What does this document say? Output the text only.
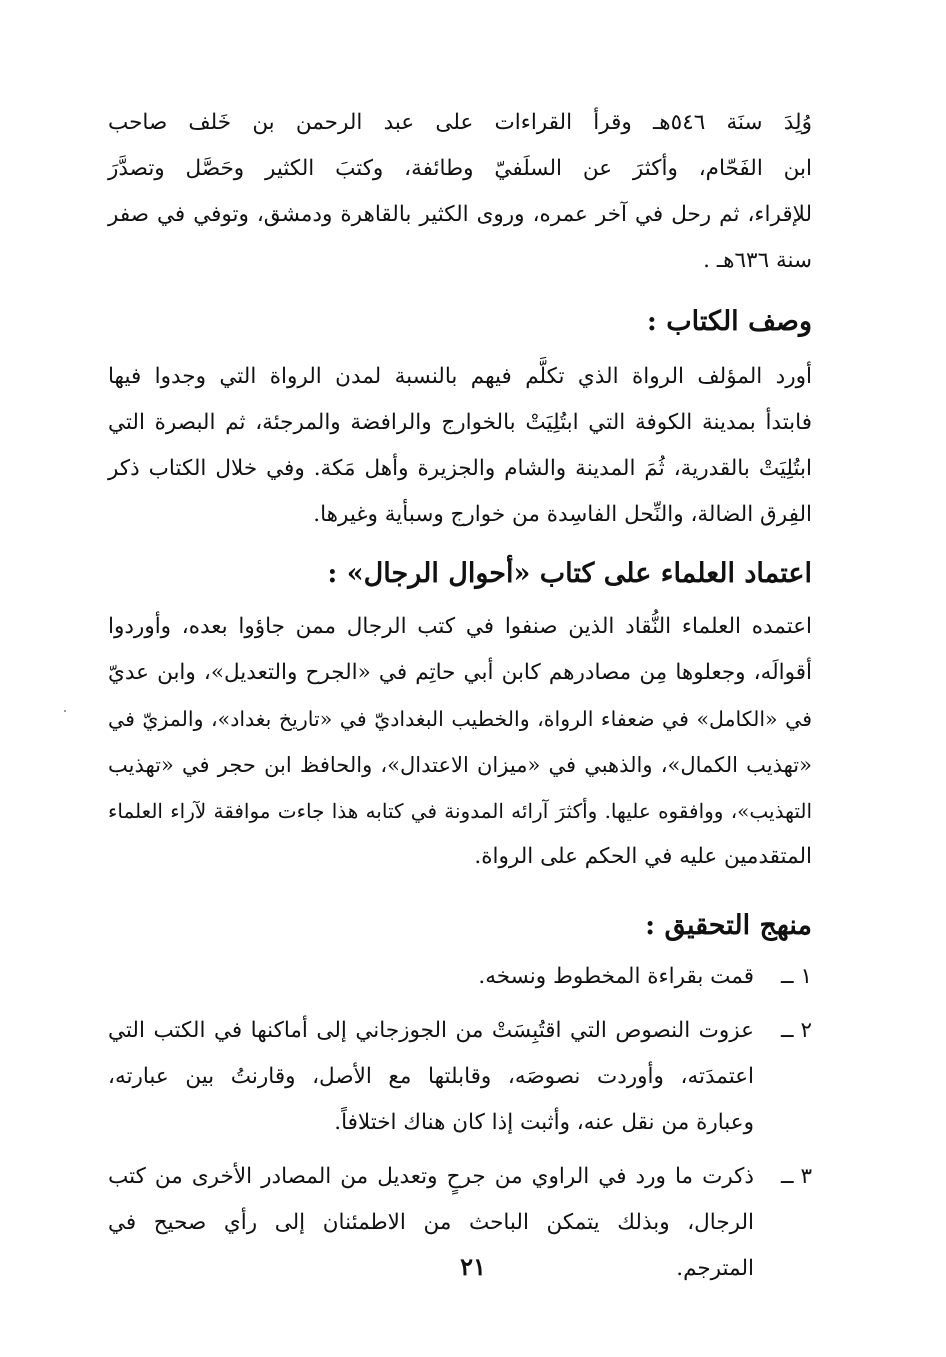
وُلِدَ سنَة ٥٤٦هـ وقرأ القراءات على عبد الرحمن بن خَلف صاحب
ابن الفَحّام، وأكثرَ عن السلَفيّ وطائفة، وكتبَ الكثير وحَصَّل وتصدَّرَ
للإقراء، ثم رحل في آخر عمره، وروى الكثير بالقاهرة ودمشق، وتوفي في صفر
سنة ٦٣٦هـ .

وصف الكتاب :

أورد المؤلف الرواة الذي تكلَّم فيهم بالنسبة لمدن الرواة التي وجدوا فيها
فابتدأ بمدينة الكوفة التي ابتُلِيَتْ بالخوارج والرافضة والمرجئة، ثم البصرة التي
ابتُلِيَتْ بالقدرية، ثُمَ المدينة والشام والجزيرة وأهل مَكة. وفي خلال الكتاب ذكر
الفِرق الضالة، والنِّحل الفاسِدة من خوارج وسبأية وغيرها.

اعتماد العلماء على كتاب «أحوال الرجال» :

اعتمده العلماء النُّقاد الذين صنفوا في كتب الرجال ممن جاؤوا بعده، وأوردوا
أقوالَه، وجعلوها مِن مصادرهم كابن أبي حاتِم في «الجرح والتعديل»، وابن عديّ
في «الكامل» في ضعفاء الرواة، والخطيب البغداديّ في «تاريخ بغداد»، والمزيّ في
«تهذيب الكمال»، والذهبي في «ميزان الاعتدال»، والحافظ ابن حجر في «تهذيب
التهذيب»، ووافقوه عليها. وأكثرَ آرائه المدونة في كتابه هذا جاءت موافقة لآراء العلماء
المتقدمين عليه في الحكم على الرواة.

منهج التحقيق :
١ ــ
قمت بقراءة المخطوط ونسخه.
٢ ــ
عزوت النصوص التي اقتُبِسَتْ من الجوزجاني إلى أماكنها في الكتب التي
اعتمدَته، وأوردت نصوصَه، وقابلتها مع الأصل، وقارنتُ بين عبارته،
وعبارة من نقل عنه، وأثبت إذا كان هناك اختلافاً.
٣ ــ
ذكرت ما ورد في الراوي من جرحٍ وتعديل من المصادر الأخرى من كتب
الرجال، وبذلك يتمكن الباحث من الاطمئنان إلى رأي صحيح في
المترجم.
٢١
